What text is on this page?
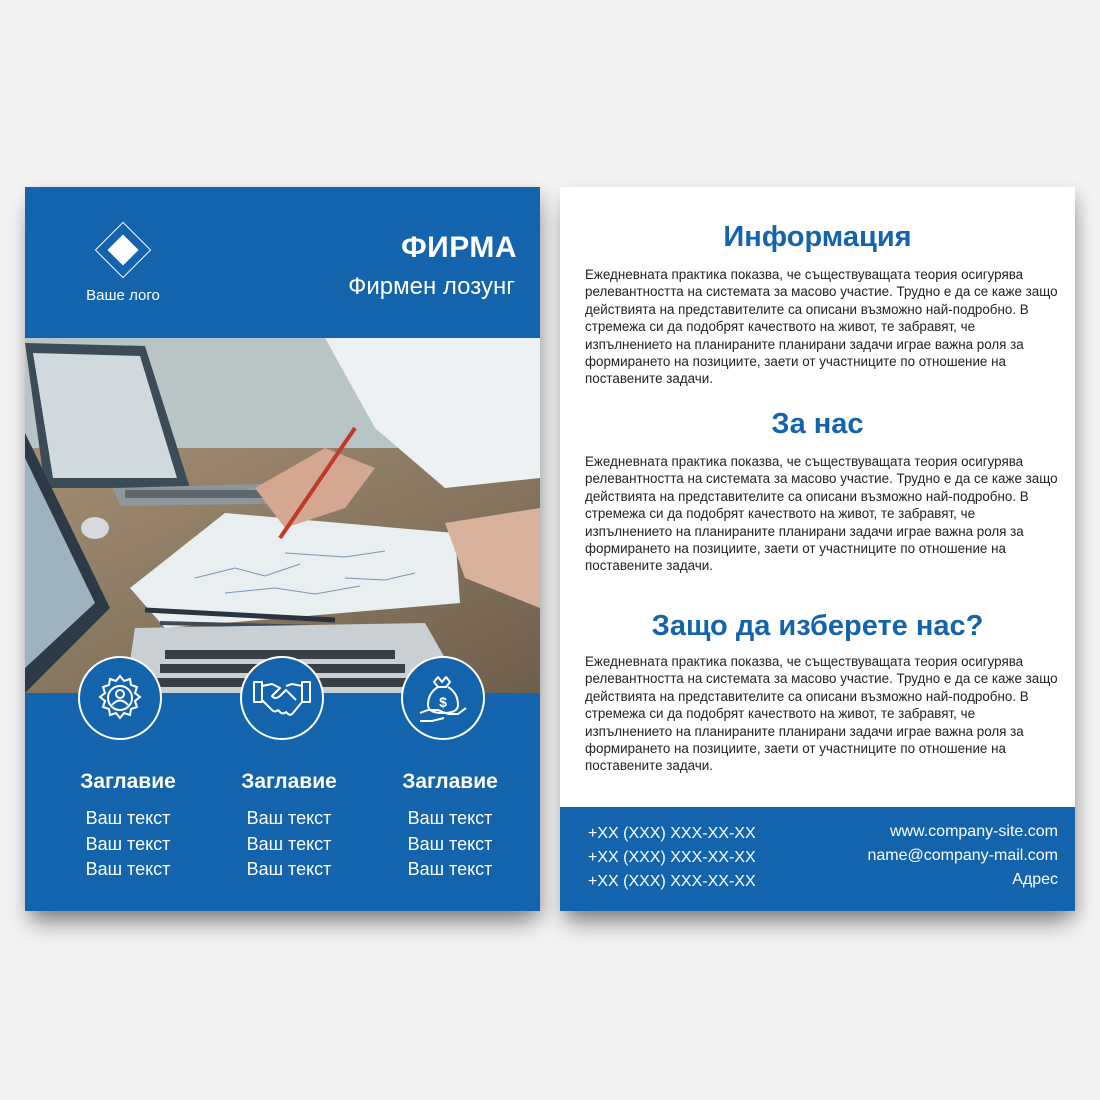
Ваше лого
ФИРМА
Фирмен лозунг
$
Заглавие
Ваш текст
Ваш текст
Ваш текст
Заглавие
Ваш текст
Ваш текст
Ваш текст
Заглавие
Ваш текст
Ваш текст
Ваш текст
Информация
Ежедневната практика показва, че съществуващата теория осигурява релевантността на системата за масово участие. Трудно е да се каже защо действията на представителите са описани възможно най-подробно. В стремежа си да подобрят качеството на живот, те забравят, че изпълнението на планираните планирани задачи играе важна роля за формирането на позициите, заети от участниците по отношение на поставените задачи.
За нас
Ежедневната практика показва, че съществуващата теория осигурява релевантността на системата за масово участие. Трудно е да се каже защо действията на представителите са описани възможно най-подробно. В стремежа си да подобрят качеството на живот, те забравят, че изпълнението на планираните планирани задачи играе важна роля за формирането на позициите, заети от участниците по отношение на поставените задачи.
Защо да изберете нас?
Ежедневната практика показва, че съществуващата теория осигурява релевантността на системата за масово участие. Трудно е да се каже защо действията на представителите са описани възможно най-подробно. В стремежа си да подобрят качеството на живот, те забравят, че изпълнението на планираните планирани задачи играе важна роля за формирането на позициите, заети от участниците по отношение на поставените задачи.
+XX (XXX) XXX-XX-XX
+XX (XXX) XXX-XX-XX
+XX (XXX) XXX-XX-XX
www.company-site.com
name@company-mail.com
Адрес
